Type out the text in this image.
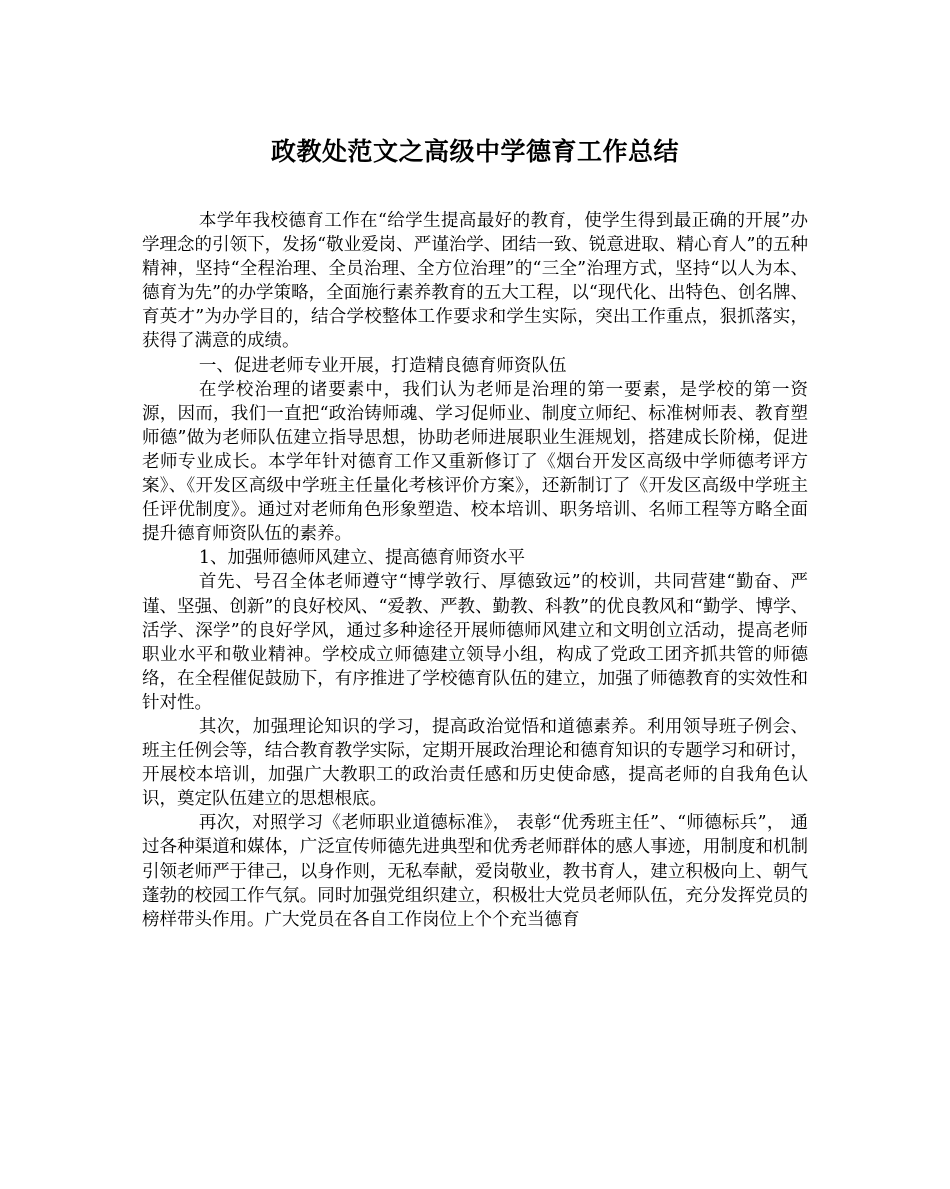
政教处范文之高级中学德育工作总结

本学年我校德育工作在“给学生提高最好的教育，使学生得到最正确的开展”办学理念的引领下，发扬“敬业爱岗、严谨治学、团结一致、锐意进取、精心育人”的五种精神，坚持“全程治理、全员治理、全方位治理”的“三全”治理方式，坚持“以人为本、德育为先”的办学策略，全面施行素养教育的五大工程，以“现代化、出特色、创名牌、育英才”为办学目的，结合学校整体工作要求和学生实际，突出工作重点，狠抓落实，获得了满意的成绩。

一、促进老师专业开展，打造精良德育师资队伍

在学校治理的诸要素中，我们认为老师是治理的第一要素，是学校的第一资源，因而，我们一直把“政治铸师魂、学习促师业、制度立师纪、标准树师表、教育塑师德”做为老师队伍建立指导思想，协助老师进展职业生涯规划，搭建成长阶梯，促进老师专业成长。本学年针对德育工作又重新修订了《烟台开发区高级中学师德考评方案》、《开发区高级中学班主任量化考核评价方案》，还新制订了《开发区高级中学班主任评优制度》。通过对老师角色形象塑造、校本培训、职务培训、名师工程等方略全面提升德育师资队伍的素养。

1、加强师德师风建立、提高德育师资水平

首先、号召全体老师遵守“博学敦行、厚德致远”的校训，共同营建“勤奋、严谨、坚强、创新”的良好校风、“爱教、严教、勤教、科教”的优良教风和“勤学、博学、活学、深学”的良好学风，通过多种途径开展师德师风建立和文明创立活动，提高老师职业水平和敬业精神。学校成立师德建立领导小组，构成了党政工团齐抓共管的师德络，在全程催促鼓励下，有序推进了学校德育队伍的建立，加强了师德教育的实效性和针对性。

其次，加强理论知识的学习，提高政治觉悟和道德素养。利用领导班子例会、班主任例会等，结合教育教学实际，定期开展政治理论和德育知识的专题学习和研讨，开展校本培训，加强广大教职工的政治责任感和历史使命感，提高老师的自我角色认识，奠定队伍建立的思想根底。

再次，对照学习《老师职业道德标准》， 表彰“优秀班主任”、“师德标兵”， 通过各种渠道和媒体，广泛宣传师德先进典型和优秀老师群体的感人事迹，用制度和机制引领老师严于律己，以身作则，无私奉献，爱岗敬业，教书育人，建立积极向上、朝气蓬勃的校园工作气氛。同时加强党组织建立，积极壮大党员老师队伍，充分发挥党员的榜样带头作用。广大党员在各自工作岗位上个个充当德育
